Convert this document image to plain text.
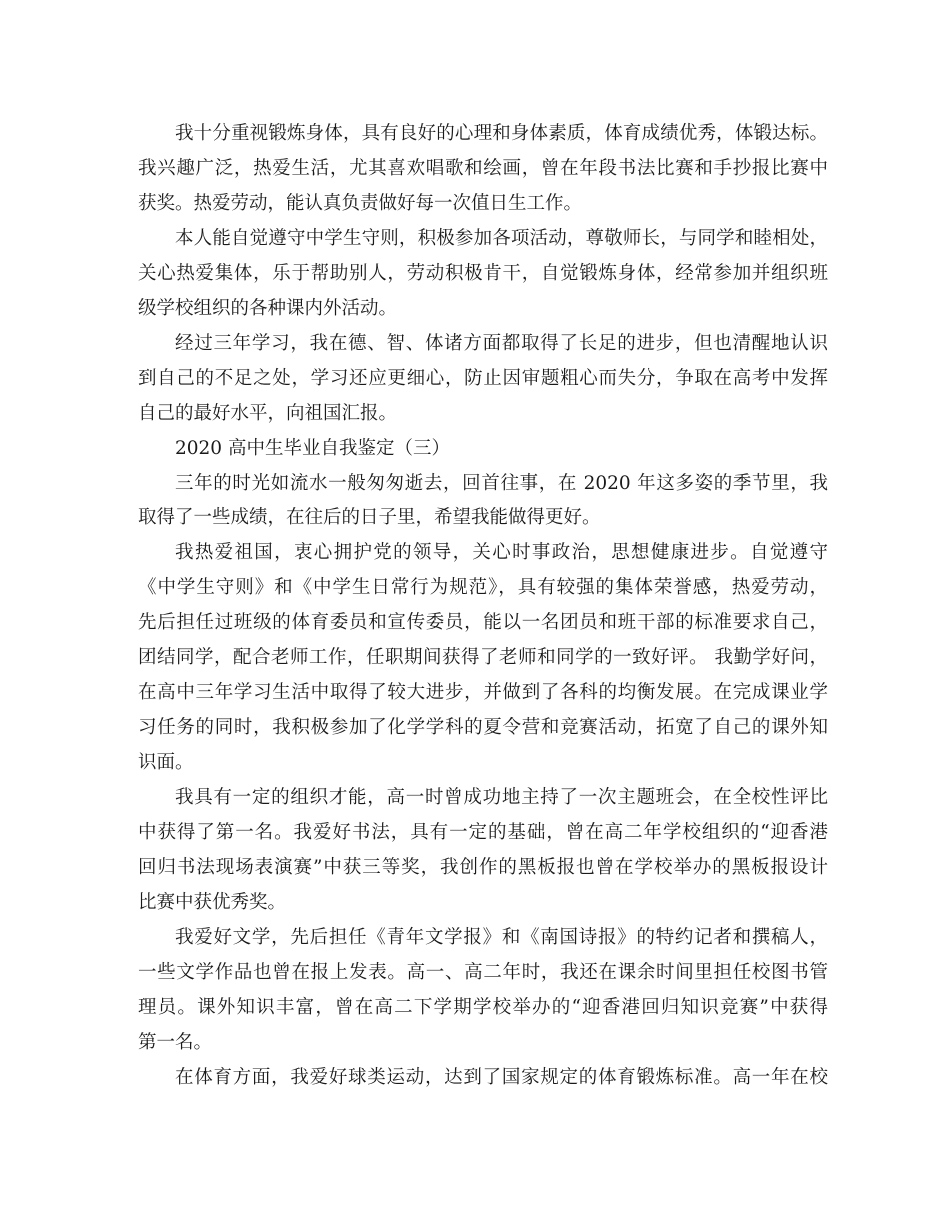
我十分重视锻炼身体，具有良好的心理和身体素质，体育成绩优秀，体锻达标。
我兴趣广泛，热爱生活，尤其喜欢唱歌和绘画，曾在年段书法比赛和手抄报比赛中
获奖。热爱劳动，能认真负责做好每一次值日生工作。
本人能自觉遵守中学生守则，积极参加各项活动，尊敬师长，与同学和睦相处，
关心热爱集体，乐于帮助别人，劳动积极肯干，自觉锻炼身体，经常参加并组织班
级学校组织的各种课内外活动。
经过三年学习，我在德、智、体诸方面都取得了长足的进步，但也清醒地认识
到自己的不足之处，学习还应更细心，防止因审题粗心而失分，争取在高考中发挥
自己的最好水平，向祖国汇报。
2020 高中生毕业自我鉴定（三）
三年的时光如流水一般匆匆逝去，回首往事，在 2020 年这多姿的季节里，我
取得了一些成绩，在往后的日子里，希望我能做得更好。
我热爱祖国，衷心拥护党的领导，关心时事政治，思想健康进步。自觉遵守
《中学生守则》和《中学生日常行为规范》，具有较强的集体荣誉感，热爱劳动，
先后担任过班级的体育委员和宣传委员，能以一名团员和班干部的标准要求自己，
团结同学，配合老师工作，任职期间获得了老师和同学的一致好评。 我勤学好问，
在高中三年学习生活中取得了较大进步，并做到了各科的均衡发展。在完成课业学
习任务的同时，我积极参加了化学学科的夏令营和竞赛活动，拓宽了自己的课外知
识面。
我具有一定的组织才能，高一时曾成功地主持了一次主题班会，在全校性评比
中获得了第一名。我爱好书法，具有一定的基础，曾在高二年学校组织的“迎香港
回归书法现场表演赛”中获三等奖，我创作的黑板报也曾在学校举办的黑板报设计
比赛中获优秀奖。
我爱好文学，先后担任《青年文学报》和《南国诗报》的特约记者和撰稿人，
一些文学作品也曾在报上发表。高一、高二年时，我还在课余时间里担任校图书管
理员。课外知识丰富，曾在高二下学期学校举办的“迎香港回归知识竞赛”中获得
第一名。
在体育方面，我爱好球类运动，达到了国家规定的体育锻炼标准。高一年在校
